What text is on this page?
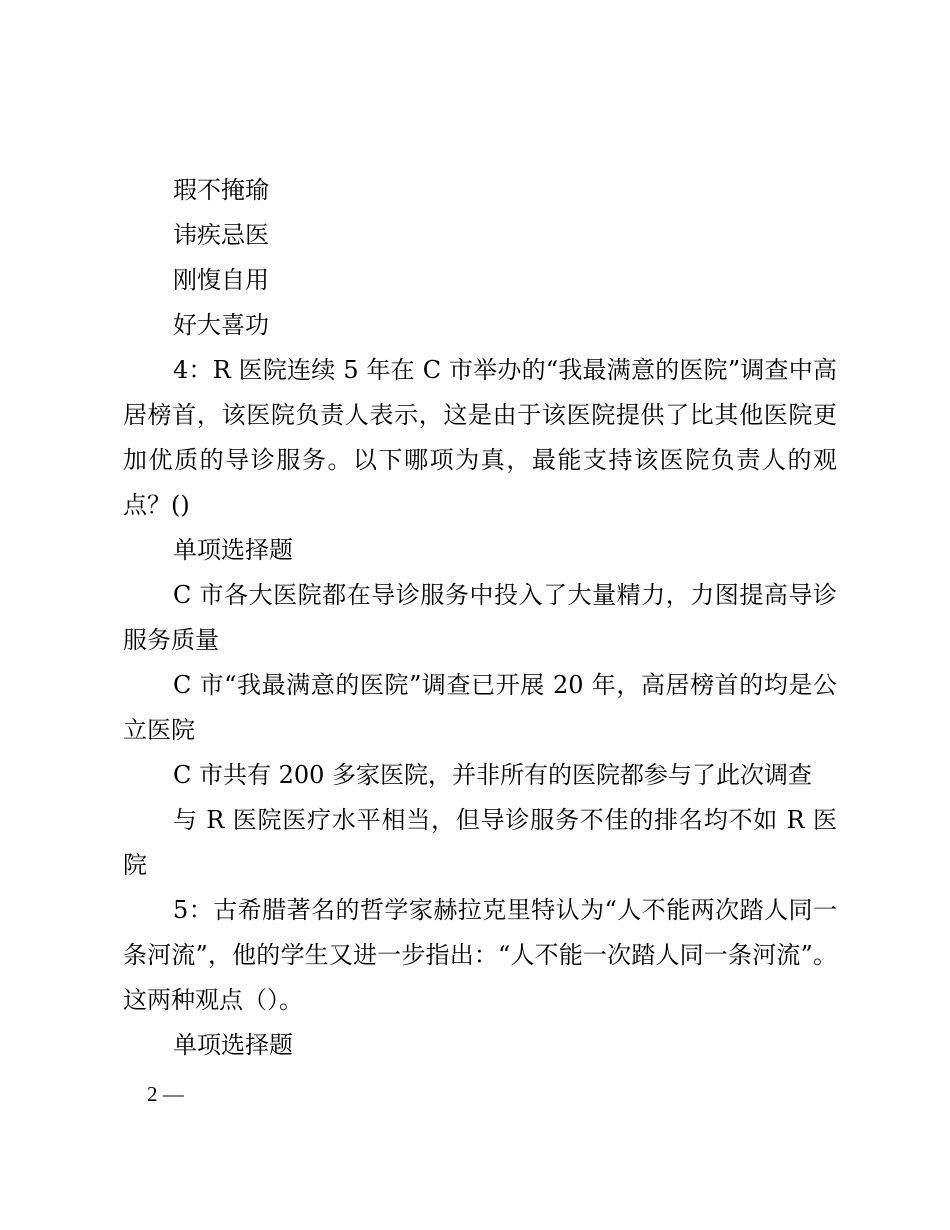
瑕不掩瑜

讳疾忌医

刚愎自用

好大喜功

4：R 医院连续 5 年在 C 市举办的“我最满意的医院”调查中高居榜首，该医院负责人表示，这是由于该医院提供了比其他医院更加优质的导诊服务。以下哪项为真，最能支持该医院负责人的观点？()

单项选择题

C 市各大医院都在导诊服务中投入了大量精力，力图提高导诊服务质量

C 市“我最满意的医院”调查已开展 20 年，高居榜首的均是公立医院

C 市共有 200 多家医院，并非所有的医院都参与了此次调查

与 R 医院医疗水平相当，但导诊服务不佳的排名均不如 R 医院

5：古希腊著名的哲学家赫拉克里特认为“人不能两次踏人同一条河流”，他的学生又进一步指出：“人不能一次踏人同一条河流”。这两种观点（）。

单项选择题

2 —
